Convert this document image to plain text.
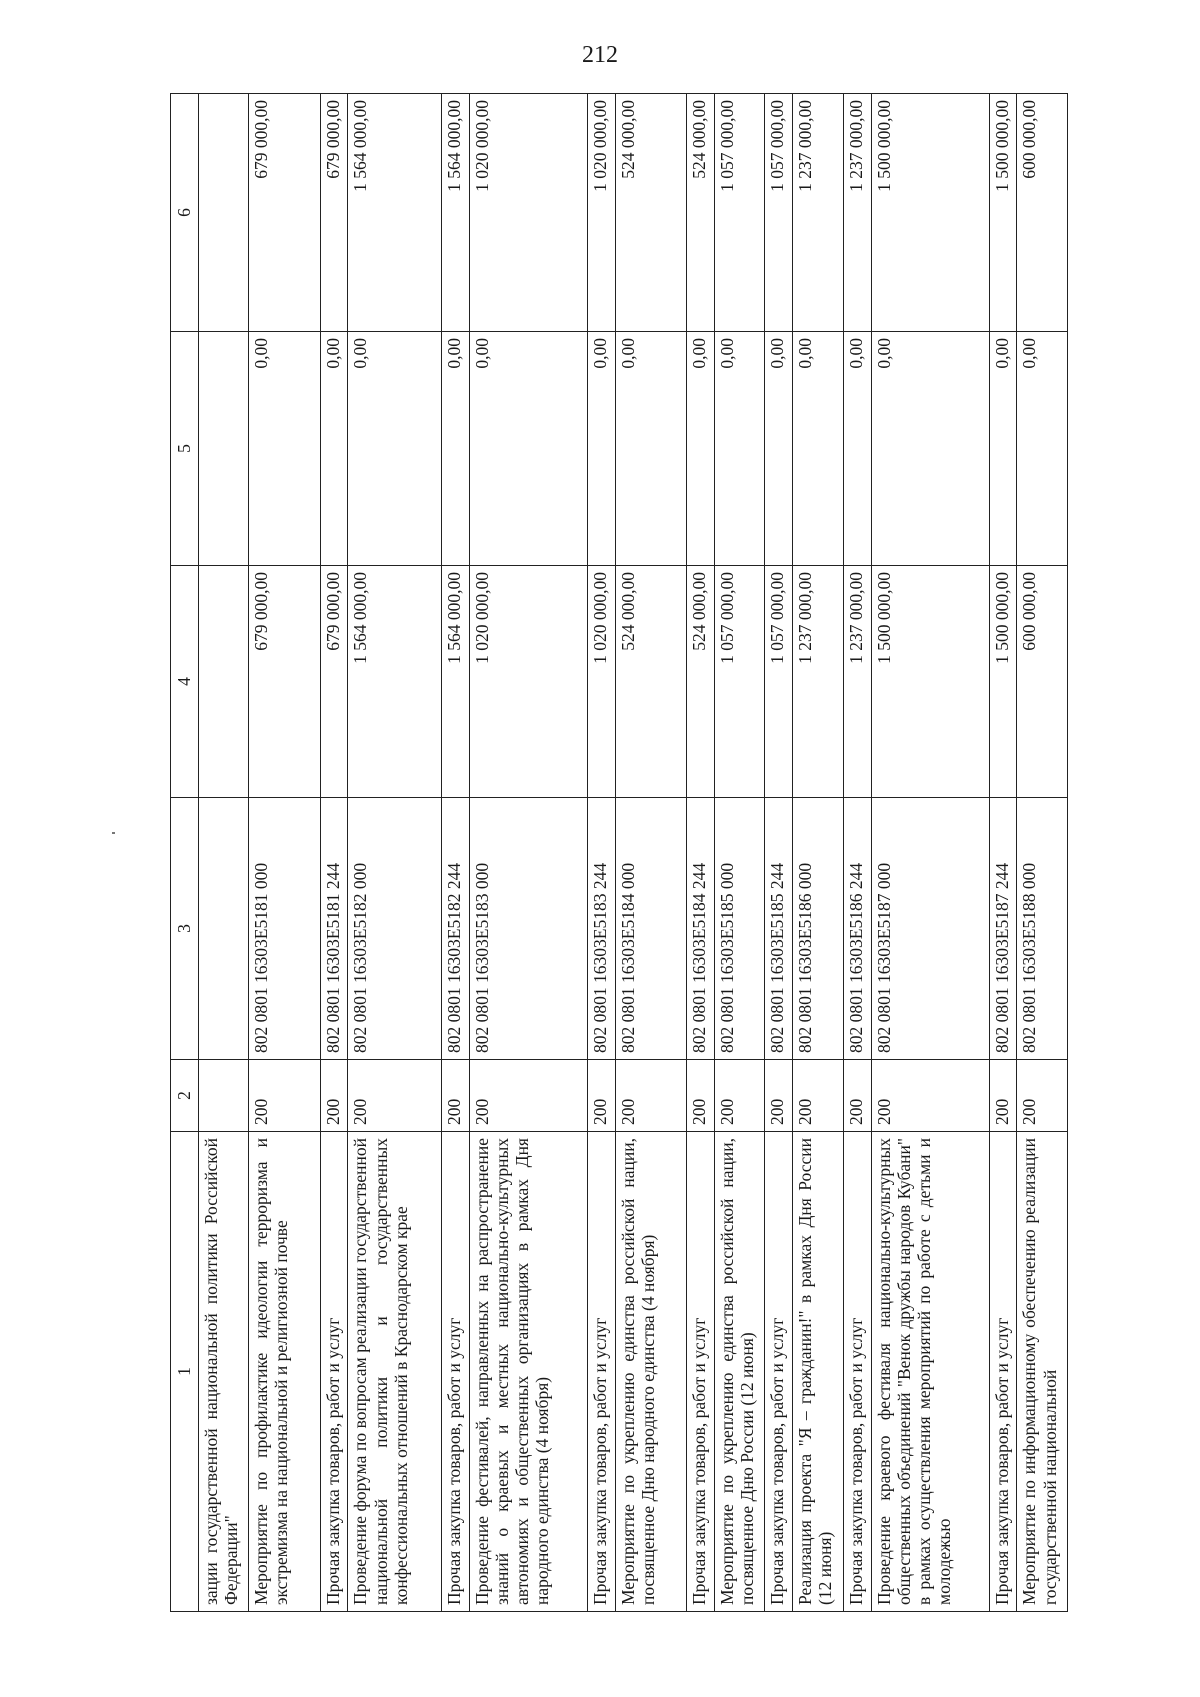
212
1	2	3	4	5	6
зации государственной национальной политики Российской Федерации"					
Мероприятие по профилактике идеологии терроризма и экстремизма на национальной и религиозной почве	200	802 0801 16303E5181 000	679 000,00	0,00	679 000,00
Прочая закупка товаров, работ и услуг	200	802 0801 16303E5181 244	679 000,00	0,00	679 000,00
Проведение форума по вопросам реализации государственной национальной политики и государственных конфессиональных отношений в Краснодарском крае	200	802 0801 16303E5182 000	1 564 000,00	0,00	1 564 000,00
Прочая закупка товаров, работ и услуг	200	802 0801 16303E5182 244	1 564 000,00	0,00	1 564 000,00
Проведение фестивалей, направленных на распространение знаний о краевых и местных национально-культурных автономиях и общественных организациях в рамках Дня народного единства (4 ноября)	200	802 0801 16303E5183 000	1 020 000,00	0,00	1 020 000,00
Прочая закупка товаров, работ и услуг	200	802 0801 16303E5183 244	1 020 000,00	0,00	1 020 000,00
Мероприятие по укреплению единства российской нации, посвященное Дню народного единства (4 ноября)	200	802 0801 16303E5184 000	524 000,00	0,00	524 000,00
Прочая закупка товаров, работ и услуг	200	802 0801 16303E5184 244	524 000,00	0,00	524 000,00
Мероприятие по укреплению единства российской нации, посвященное Дню России (12 июня)	200	802 0801 16303E5185 000	1 057 000,00	0,00	1 057 000,00
Прочая закупка товаров, работ и услуг	200	802 0801 16303E5185 244	1 057 000,00	0,00	1 057 000,00
Реализация проекта "Я – гражданин!" в рамках Дня России (12 июня)	200	802 0801 16303E5186 000	1 237 000,00	0,00	1 237 000,00
Прочая закупка товаров, работ и услуг	200	802 0801 16303E5186 244	1 237 000,00	0,00	1 237 000,00
Проведение краевого фестиваля национально-культурных общественных объединений "Венок дружбы народов Кубани" в рамках осуществления мероприятий по работе с детьми и молодежью	200	802 0801 16303E5187 000	1 500 000,00	0,00	1 500 000,00
Прочая закупка товаров, работ и услуг	200	802 0801 16303E5187 244	1 500 000,00	0,00	1 500 000,00
Мероприятие по информационному обеспечению реализации государственной национальной	200	802 0801 16303E5188 000	600 000,00	0,00	600 000,00
